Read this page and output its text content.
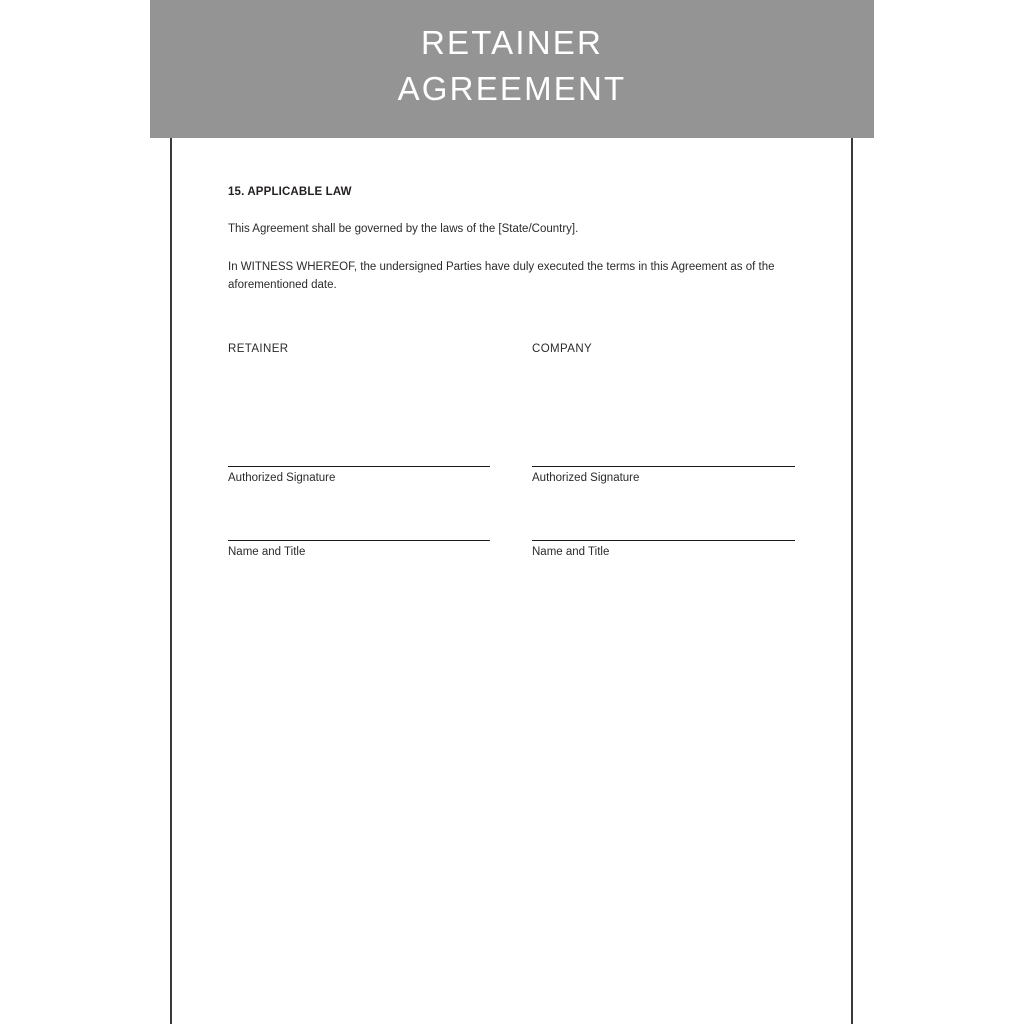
RETAINER
AGREEMENT

15. APPLICABLE LAW

This Agreement shall be governed by the laws of the [State/Country].

In WITNESS WHEREOF, the undersigned Parties have duly executed the terms in this Agreement as of the aforementioned date.

RETAINER

Authorized Signature
Name and Title

COMPANY

Authorized Signature
Name and Title
